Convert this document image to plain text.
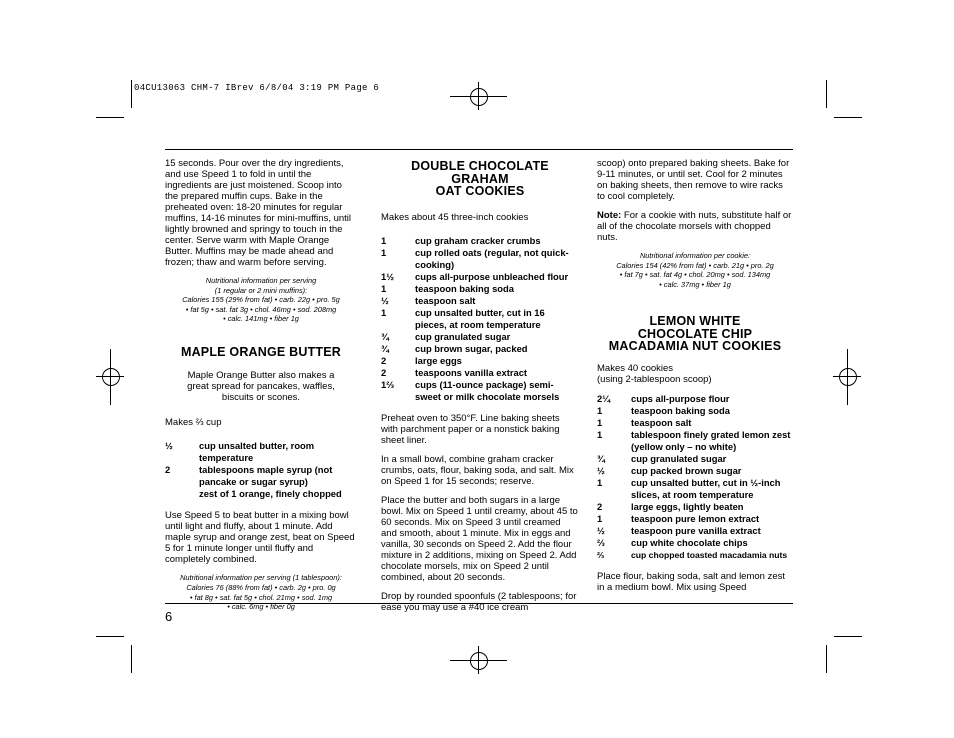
04CU13063 CHM-7 IBrev 6/8/04 3:19 PM Page 6

15 seconds. Pour over the dry ingredients, and use Speed 1 to fold in until the ingredients are just moistened. Scoop into the prepared muffin cups. Bake in the preheated oven: 18-20 minutes for regular muffins, 14-16 minutes for mini-muffins, until lightly browned and springy to touch in the center. Serve warm with Maple Orange Butter. Muffins may be made ahead and frozen; thaw and warm before serving.

Nutritional information per serving
(1 regular or 2 mini muffins):
Calories 155 (29% from fat) • carb. 22g • pro. 5g
• fat 5g • sat. fat 3g • chol. 46mg • sod. 208mg
• calc. 141mg • fiber 1g
MAPLE ORANGE BUTTER

Maple Orange Butter also makes a great spread for pancakes, waffles, biscuits or scones.

Makes ⅔ cup

½	cup unsalted butter, room temperature
2	tablespoons maple syrup (not pancake or sugar syrup)
zest of 1 orange, finely chopped

Use Speed 5 to beat butter in a mixing bowl until light and fluffy, about 1 minute. Add maple syrup and orange zest, beat on Speed 5 for 1 minute longer until fluffy and completely combined.

Nutritional information per serving (1 tablespoon):
Calories 76 (88% from fat) • carb. 2g • pro. 0g
• fat 8g • sat. fat 5g • chol. 21mg • sod. 1mg
• calc. 6mg • fiber 0g
DOUBLE CHOCOLATE GRAHAM
OAT COOKIES

Makes about 45 three-inch cookies

1	cup graham cracker crumbs
1	cup rolled oats (regular, not quick-cooking)
1½	cups all-purpose unbleached flour
1	teaspoon baking soda
½	teaspoon salt
1	cup unsalted butter, cut in 16 pieces, at room temperature
¾	cup granulated sugar
¾	cup brown sugar, packed
2	large eggs
2	teaspoons vanilla extract
1⅔	cups (11-ounce package) semi-sweet or milk chocolate morsels

Preheat oven to 350°F. Line baking sheets with parchment paper or a nonstick baking sheet liner.

In a small bowl, combine graham cracker crumbs, oats, flour, baking soda, and salt. Mix on Speed 1 for 15 seconds; reserve.

Place the butter and both sugars in a large bowl. Mix on Speed 1 until creamy, about 45 to 60 seconds. Mix on Speed 3 until creamed and smooth, about 1 minute. Mix in eggs and vanilla, 30 seconds on Speed 2. Add the flour mixture in 2 additions, mixing on Speed 2. Add chocolate morsels, mix on Speed 2 until combined, about 20 seconds.

Drop by rounded spoonfuls (2 tablespoons; for ease you may use a #40 ice cream

scoop) onto prepared baking sheets. Bake for 9-11 minutes, or until set. Cool for 2 minutes on baking sheets, then remove to wire racks to cool completely.

Note: For a cookie with nuts, substitute half or all of the chocolate morsels with chopped nuts.

Nutritional information per cookie:
Calories 154 (42% from fat) • carb. 21g • pro. 2g
• fat 7g • sat. fat 4g • chol. 20mg • sod. 134mg
• calc. 37mg • fiber 1g
LEMON WHITE
CHOCOLATE CHIP
MACADAMIA NUT COOKIES

Makes 40 cookies
(using 2-tablespoon scoop)

2¼	cups all-purpose flour
1	teaspoon baking soda
1	teaspoon salt
1	tablespoon finely grated lemon zest (yellow only – no white)
¾	cup granulated sugar
½	cup packed brown sugar
1	cup unsalted butter, cut in ½-inch slices, at room temperature
2	large eggs, lightly beaten
1	teaspoon pure lemon extract
½	teaspoon pure vanilla extract
⅔	cup white chocolate chips
⅔	cup chopped toasted macadamia nuts

Place flour, baking soda, salt and lemon zest in a medium bowl. Mix using Speed

6
